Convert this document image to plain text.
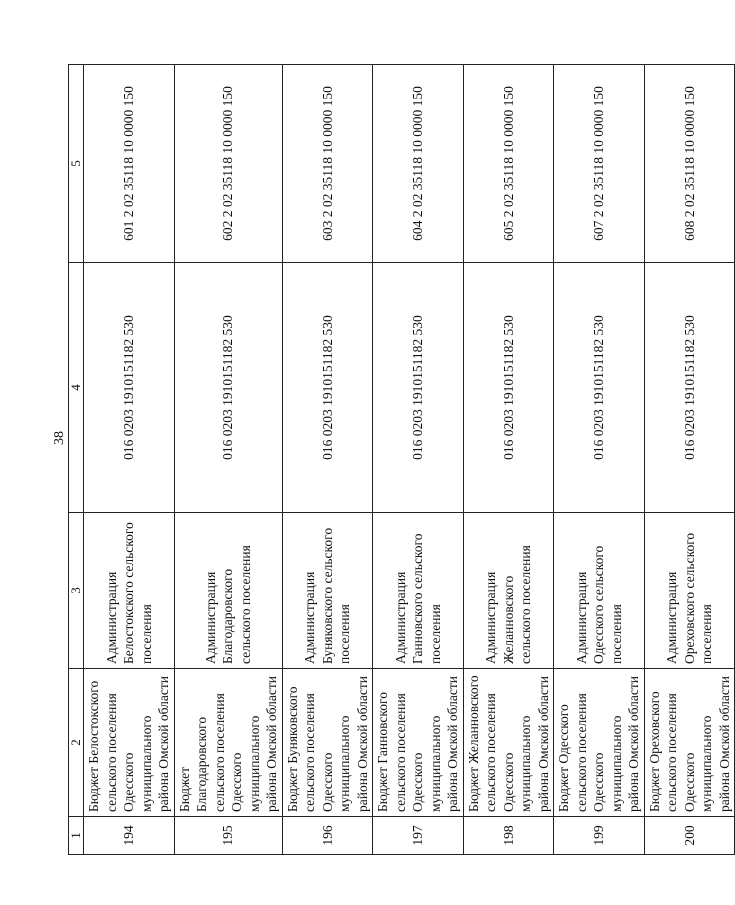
38
1	2	3	4	5
194	Бюджет Белостокского сельского поселения Одесского муниципального района Омской области	Администрация Белостокского сельского поселения	016 0203 1910151182 530	601 2 02 35118 10 0000 150
195	Бюджет Благодаровского сельского поселения Одесского муниципального района Омской области	Администрация Благодаровского сельского поселения	016 0203 1910151182 530	602 2 02 35118 10 0000 150
196	Бюджет Буняковского сельского поселения Одесского муниципального района Омской области	Администрация Буняковского сельского поселения	016 0203 1910151182 530	603 2 02 35118 10 0000 150
197	Бюджет Ганновского сельского поселения Одесского муниципального района Омской области	Администрация Ганновского сельского поселения	016 0203 1910151182 530	604 2 02 35118 10 0000 150
198	Бюджет Желанновского сельского поселения Одесского муниципального района Омской области	Администрация Желанновского сельского поселения	016 0203 1910151182 530	605 2 02 35118 10 0000 150
199	Бюджет Одесского сельского поселения Одесского муниципального района Омской области	Администрация Одесского сельского поселения	016 0203 1910151182 530	607 2 02 35118 10 0000 150
200	Бюджет Ореховского сельского поселения Одесского муниципального района Омской области	Администрация Ореховского сельского поселения	016 0203 1910151182 530	608 2 02 35118 10 0000 150
